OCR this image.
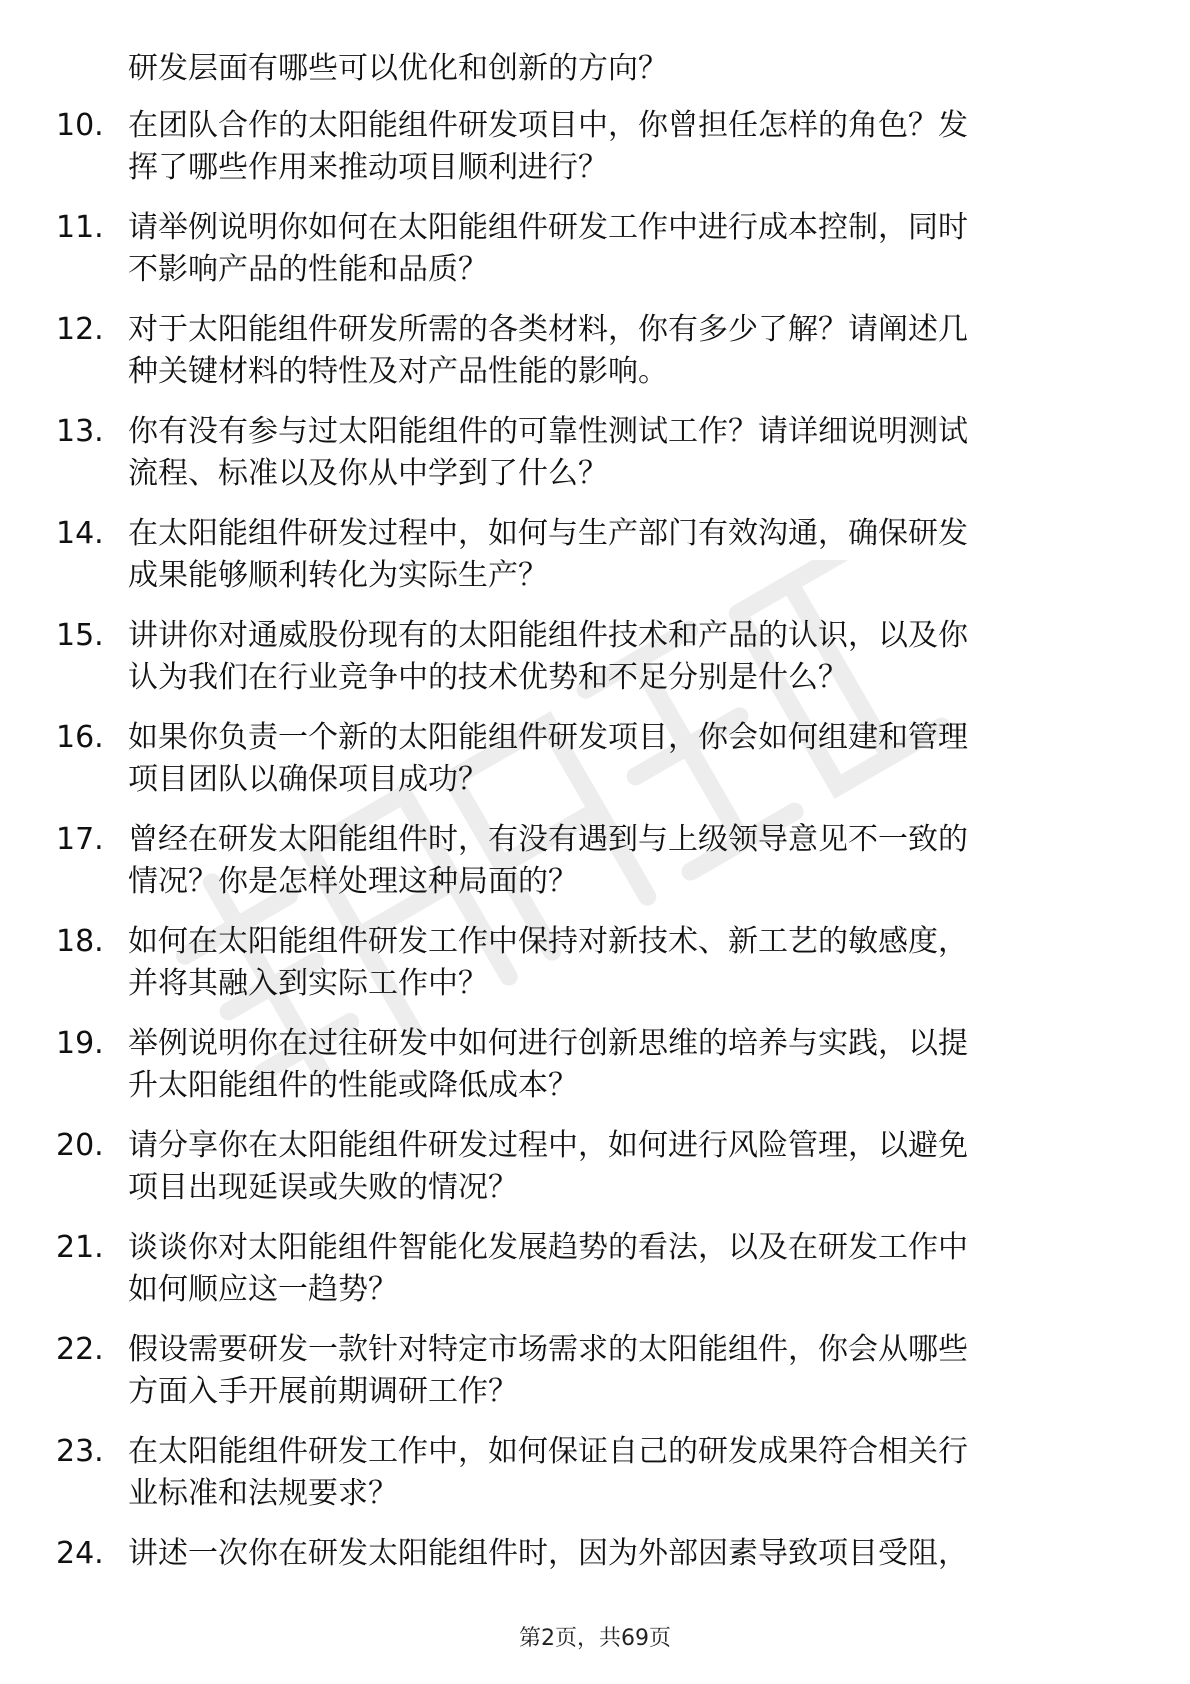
研发层面有哪些可以优化和创新的方向？
10. 在团队合作的太阳能组件研发项目中，你曾担任怎样的角色？发
挥了哪些作用来推动项目顺利进行？
11. 请举例说明你如何在太阳能组件研发工作中进行成本控制，同时
不影响产品的性能和品质？
12. 对于太阳能组件研发所需的各类材料，你有多少了解？请阐述几
种关键材料的特性及对产品性能的影响。
13. 你有没有参与过太阳能组件的可靠性测试工作？请详细说明测试
流程、标准以及你从中学到了什么？
14. 在太阳能组件研发过程中，如何与生产部门有效沟通，确保研发
成果能够顺利转化为实际生产？
15. 讲讲你对通威股份现有的太阳能组件技术和产品的认识，以及你
认为我们在行业竞争中的技术优势和不足分别是什么？
16. 如果你负责一个新的太阳能组件研发项目，你会如何组建和管理
项目团队以确保项目成功？
17. 曾经在研发太阳能组件时，有没有遇到与上级领导意见不一致的
情况？你是怎样处理这种局面的？
18. 如何在太阳能组件研发工作中保持对新技术、新工艺的敏感度，
并将其融入到实际工作中？
19. 举例说明你在过往研发中如何进行创新思维的培养与实践，以提
升太阳能组件的性能或降低成本？
20. 请分享你在太阳能组件研发过程中，如何进行风险管理，以避免
项目出现延误或失败的情况？
21. 谈谈你对太阳能组件智能化发展趋势的看法，以及在研发工作中
如何顺应这一趋势？
22. 假设需要研发一款针对特定市场需求的太阳能组件，你会从哪些
方面入手开展前期调研工作？
23. 在太阳能组件研发工作中，如何保证自己的研发成果符合相关行
业标准和法规要求？
24. 讲述一次你在研发太阳能组件时，因为外部因素导致项目受阻，
第2页，共69页
